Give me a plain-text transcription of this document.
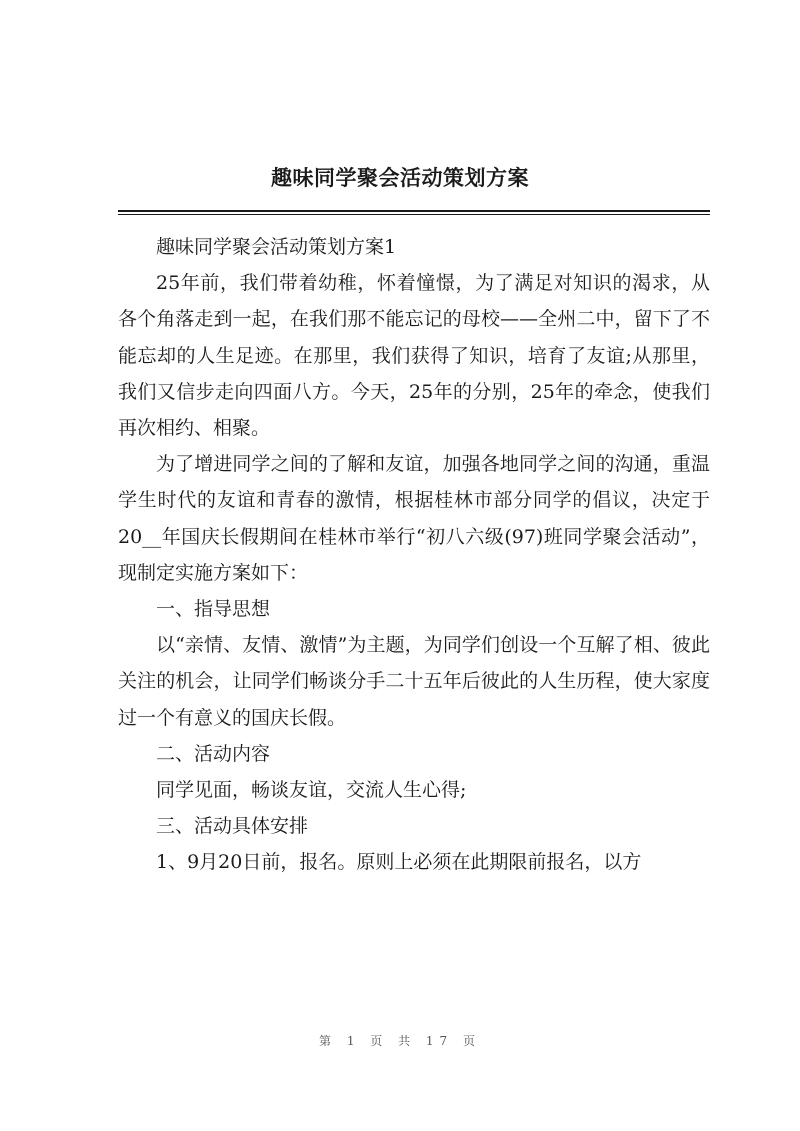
趣味同学聚会活动策划方案

趣味同学聚会活动策划方案1

25年前，我们带着幼稚，怀着憧憬，为了满足对知识的渴求，从各个角落走到一起，在我们那不能忘记的母校——全州二中，留下了不能忘却的人生足迹。在那里，我们获得了知识，培育了友谊;从那里，我们又信步走向四面八方。今天，25年的分别，25年的牵念，使我们再次相约、相聚。

为了增进同学之间的了解和友谊，加强各地同学之间的沟通，重温学生时代的友谊和青春的激情，根据桂林市部分同学的倡议，决定于20__年国庆长假期间在桂林市举行“初八六级(97)班同学聚会活动”，现制定实施方案如下：

一、指导思想

以“亲情、友情、激情”为主题，为同学们创设一个互解了相、彼此关注的机会，让同学们畅谈分手二十五年后彼此的人生历程，使大家度过一个有意义的国庆长假。

二、活动内容

同学见面，畅谈友谊，交流人生心得;

三、活动具体安排

1、9月20日前，报名。原则上必须在此期限前报名，以方

第 1 页 共 17 页
